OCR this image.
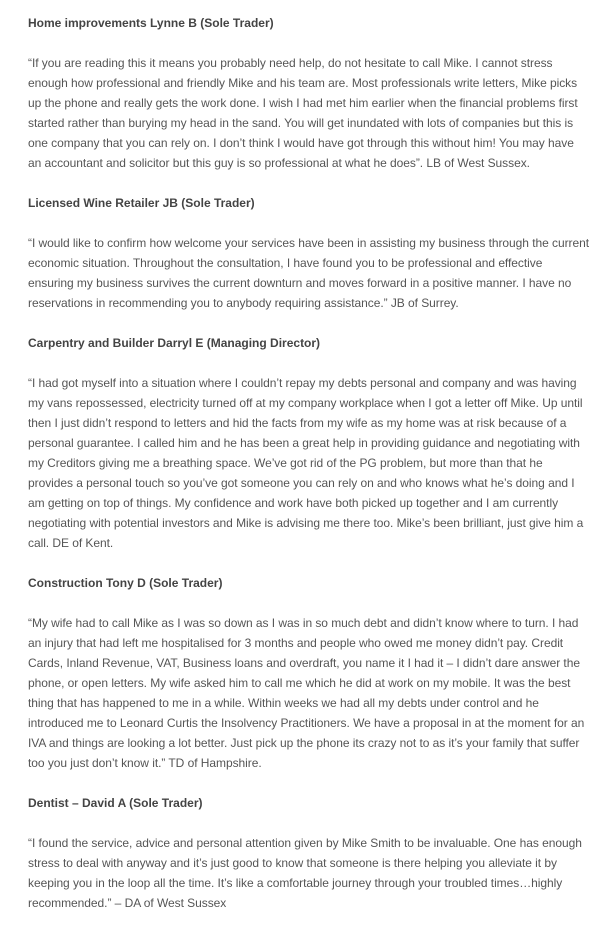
Home improvements Lynne B (Sole Trader)

“If you are reading this it means you probably need help, do not hesitate to call Mike. I cannot stress enough how professional and friendly Mike and his team are. Most professionals write letters, Mike picks up the phone and really gets the work done. I wish I had met him earlier when the financial problems first started rather than burying my head in the sand. You will get inundated with lots of companies but this is one company that you can rely on. I don’t think I would have got through this without him! You may have an accountant and solicitor but this guy is so professional at what he does”. LB of West Sussex.

Licensed Wine Retailer JB (Sole Trader)

“I would like to confirm how welcome your services have been in assisting my business through the current economic situation. Throughout the consultation, I have found you to be professional and effective ensuring my business survives the current downturn and moves forward in a positive manner. I have no reservations in recommending you to anybody requiring assistance.” JB of Surrey.

Carpentry and Builder Darryl E (Managing Director)

“I had got myself into a situation where I couldn’t repay my debts personal and company and was having my vans repossessed, electricity turned off at my company workplace when I got a letter off Mike. Up until then I just didn’t respond to letters and hid the facts from my wife as my home was at risk because of a personal guarantee. I called him and he has been a great help in providing guidance and negotiating with my Creditors giving me a breathing space. We’ve got rid of the PG problem, but more than that he provides a personal touch so you’ve got someone you can rely on and who knows what he’s doing and I am getting on top of things. My confidence and work have both picked up together and I am currently negotiating with potential investors and Mike is advising me there too. Mike’s been brilliant, just give him a call. DE of Kent.

Construction Tony D (Sole Trader)

“My wife had to call Mike as I was so down as I was in so much debt and didn’t know where to turn. I had an injury that had left me hospitalised for 3 months and people who owed me money didn’t pay. Credit Cards, Inland Revenue, VAT, Business loans and overdraft, you name it I had it – I didn’t dare answer the phone, or open letters. My wife asked him to call me which he did at work on my mobile. It was the best thing that has happened to me in a while. Within weeks we had all my debts under control and he introduced me to Leonard Curtis the Insolvency Practitioners. We have a proposal in at the moment for an IVA and things are looking a lot better. Just pick up the phone its crazy not to as it’s your family that suffer too you just don’t know it.” TD of Hampshire.

Dentist – David A (Sole Trader)

“I found the service, advice and personal attention given by Mike Smith to be invaluable. One has enough stress to deal with anyway and it’s just good to know that someone is there helping you alleviate it by keeping you in the loop all the time. It’s like a comfortable journey through your troubled times…highly recommended.” – DA of West Sussex
